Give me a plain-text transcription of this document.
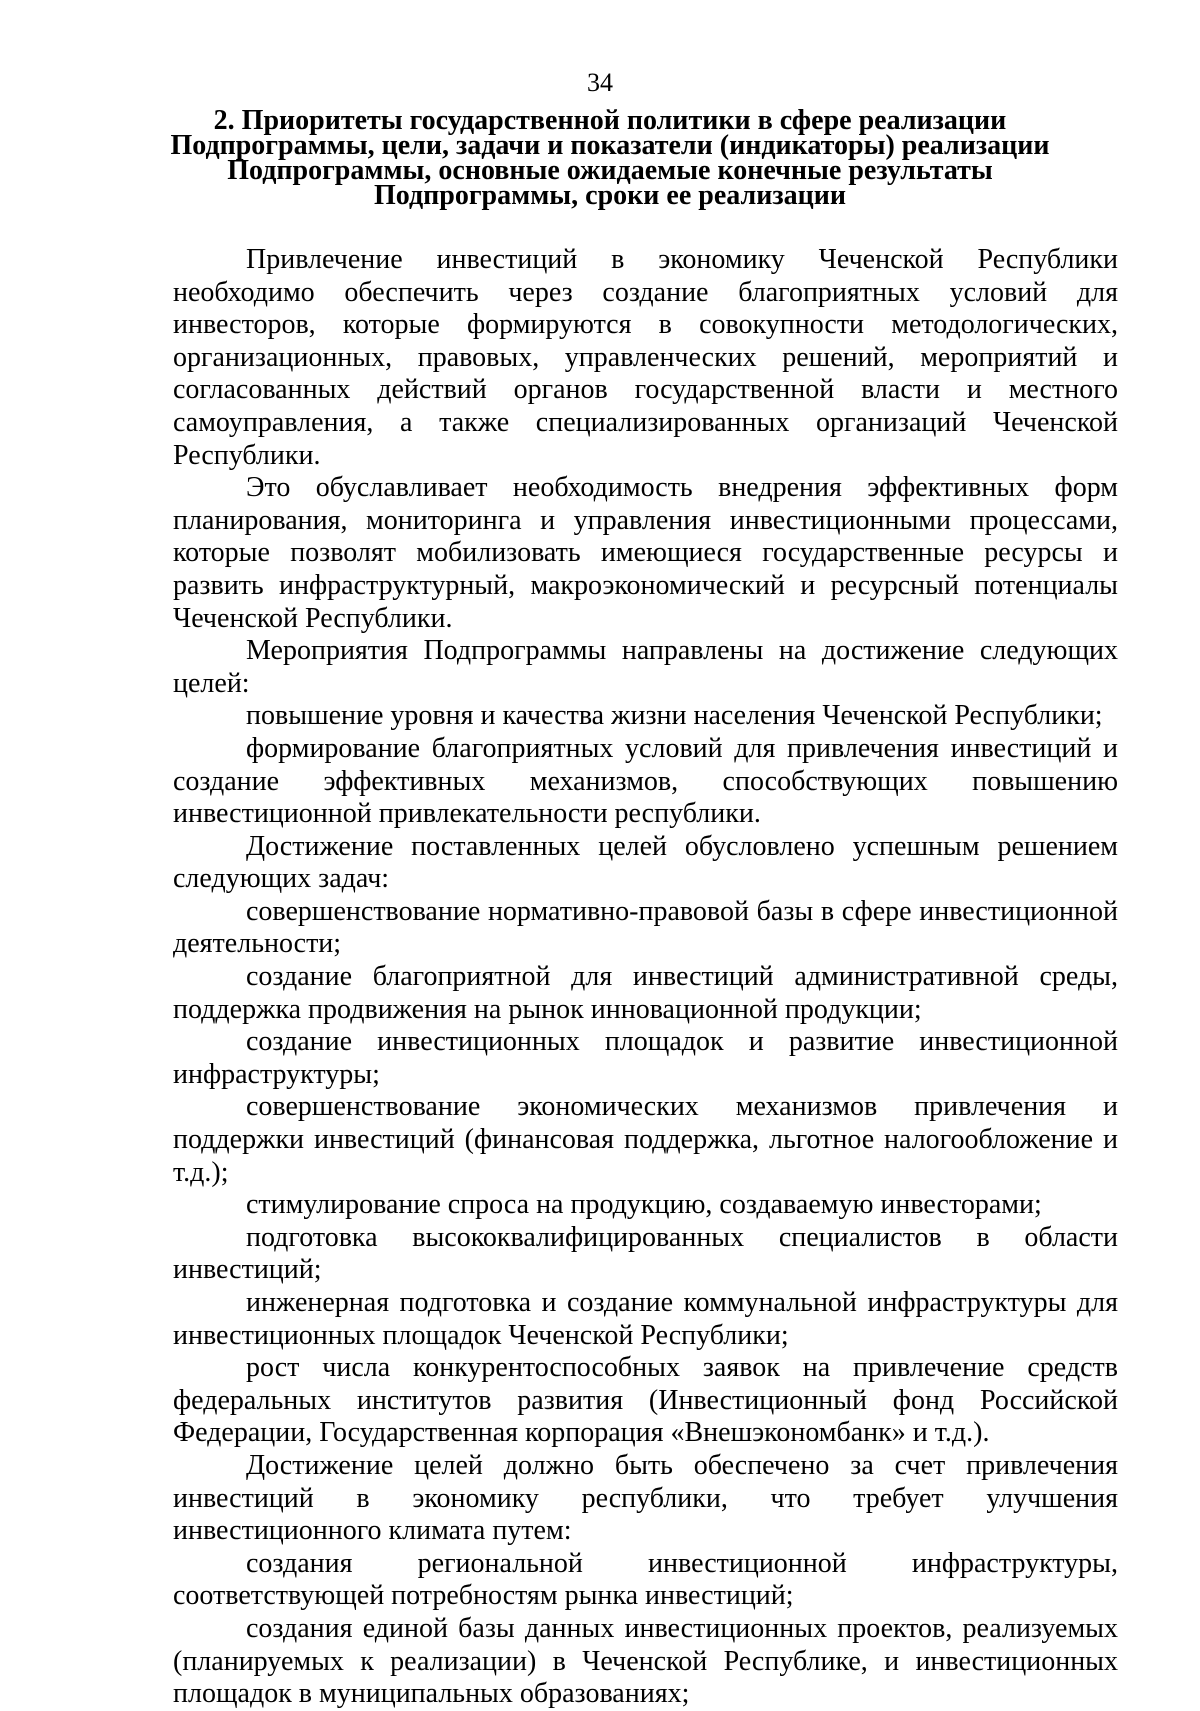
34
2. Приоритеты государственной политики в сфере реализации
Подпрограммы, цели, задачи и показатели (индикаторы) реализации
Подпрограммы, основные ожидаемые конечные результаты
Подпрограммы, сроки ее реализации

Привлечение инвестиций в экономику Чеченской Республики необходимо обеспечить через создание благоприятных условий для инвесторов, которые формируются в совокупности методологических, организационных, правовых, управленческих решений, мероприятий и согласованных действий органов государственной власти и местного самоуправления, а также специализированных организаций Чеченской Республики.

Это обуславливает необходимость внедрения эффективных форм планирования, мониторинга и управления инвестиционными процессами, которые позволят мобилизовать имеющиеся государственные ресурсы и развить инфраструктурный, макроэкономический и ресурсный потенциалы Чеченской Республики.

Мероприятия Подпрограммы направлены на достижение следующих целей:

повышение уровня и качества жизни населения Чеченской Республики;

формирование благоприятных условий для привлечения инвестиций и создание эффективных механизмов, способствующих повышению инвестиционной привлекательности республики.

Достижение поставленных целей обусловлено успешным решением следующих задач:

совершенствование нормативно-правовой базы в сфере инвестиционной деятельности;

создание благоприятной для инвестиций административной среды, поддержка продвижения на рынок инновационной продукции;

создание инвестиционных площадок и развитие инвестиционной инфраструктуры;

совершенствование экономических механизмов привлечения и поддержки инвестиций (финансовая поддержка, льготное налогообложение и т.д.);

стимулирование спроса на продукцию, создаваемую инвесторами;

подготовка высококвалифицированных специалистов в области инвестиций;

инженерная подготовка и создание коммунальной инфраструктуры для инвестиционных площадок Чеченской Республики;

рост числа конкурентоспособных заявок на привлечение средств федеральных институтов развития (Инвестиционный фонд Российской Федерации, Государственная корпорация «Внешэкономбанк» и т.д.).

Достижение целей должно быть обеспечено за счет привлечения инвестиций в экономику республики, что требует улучшения инвестиционного климата путем:

создания региональной инвестиционной инфраструктуры, соответствующей потребностям рынка инвестиций;

создания единой базы данных инвестиционных проектов, реализуемых (планируемых к реализации) в Чеченской Республике, и инвестиционных площадок в муниципальных образованиях;
